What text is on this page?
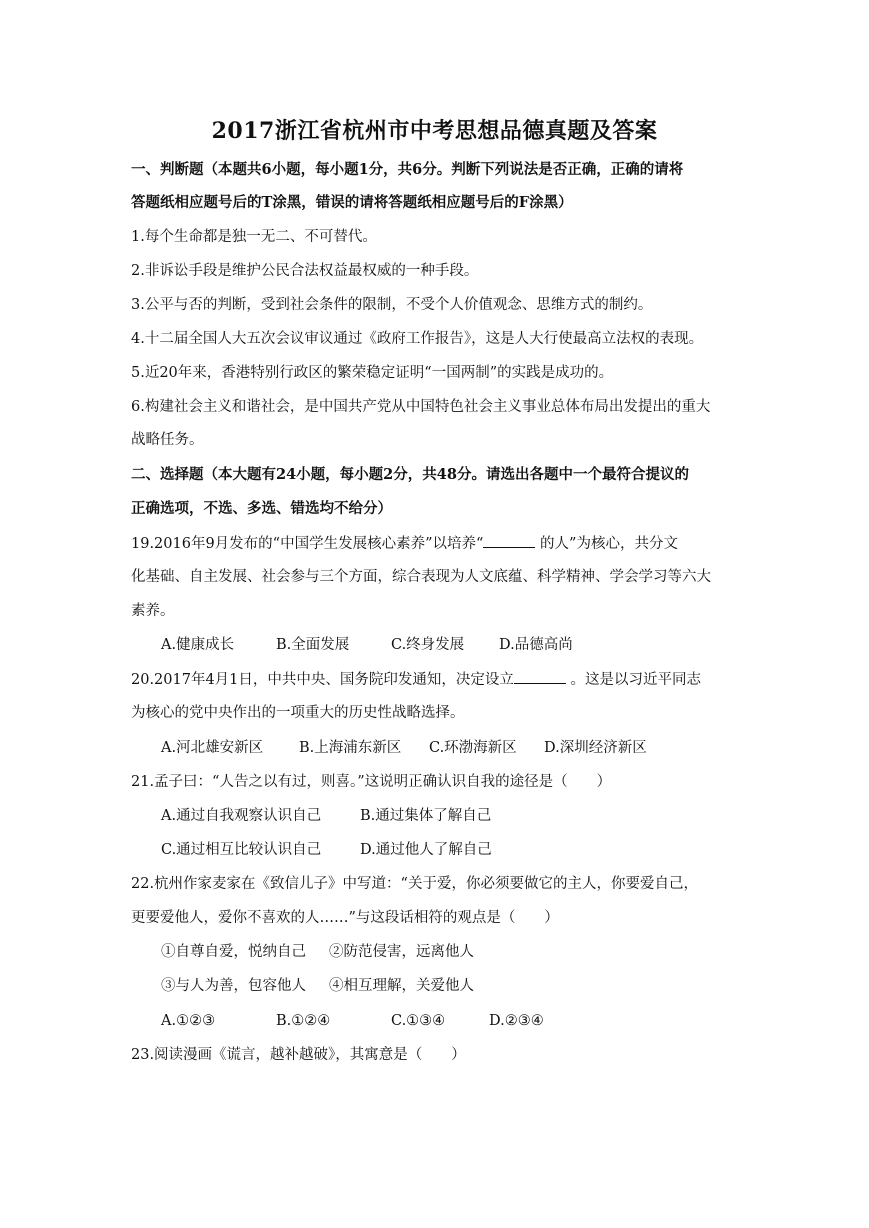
2017浙江省杭州市中考思想品德真题及答案
一、判断题（本题共6小题，每小题1分，共6分。判断下列说法是否正确，正确的请将
答题纸相应题号后的T涂黑，错误的请将答题纸相应题号后的F涂黑）
1.每个生命都是独一无二、不可替代。
2.非诉讼手段是维护公民合法权益最权威的一种手段。
3.公平与否的判断，受到社会条件的限制，不受个人价值观念、思维方式的制约。
4.十二届全国人大五次会议审议通过《政府工作报告》，这是人大行使最高立法权的表现。
5.近20年来，香港特别行政区的繁荣稳定证明“一国两制”的实践是成功的。
6.构建社会主义和谐社会，是中国共产党从中国特色社会主义事业总体布局出发提出的重大
战略任务。
二、选择题（本大题有24小题，每小题2分，共48分。请选出各题中一个最符合提议的
正确选项，不选、多选、错选均不给分）
19.2016年9月发布的“中国学生发展核心素养”以培养“	的人”为核心，共分文
化基础、自主发展、社会参与三个方面，综合表现为人文底蕴、科学精神、学会学习等六大
素养。
A.健康成长	B.全面发展	C.终身发展 D.品德高尚
20.2017年4月1日，中共中央、国务院印发通知，决定设立	。这是以习近平同志
为核心的党中央作出的一项重大的历史性战略选择。
A.河北雄安新区 B.上海浦东新区 C.环渤海新区 D.深圳经济新区
21.孟子曰：“人告之以有过，则喜。”这说明正确认识自我的途径是（　　）
A.通过自我观察认识自己	B.通过集体了解自己
C.通过相互比较认识自己	D.通过他人了解自己
22.杭州作家麦家在《致信儿子》中写道：“关于爱，你必须要做它的主人，你要爱自己，
更要爱他人，爱你不喜欢的人……”与这段话相符的观点是（　　）
①自尊自爱，悦纳自己 ②防范侵害，远离他人
③与人为善，包容他人 ④相互理解，关爱他人
A.①②③	B.①②④	C.①③④	D.②③④
23.阅读漫画《谎言，越补越破》，其寓意是（　　）
